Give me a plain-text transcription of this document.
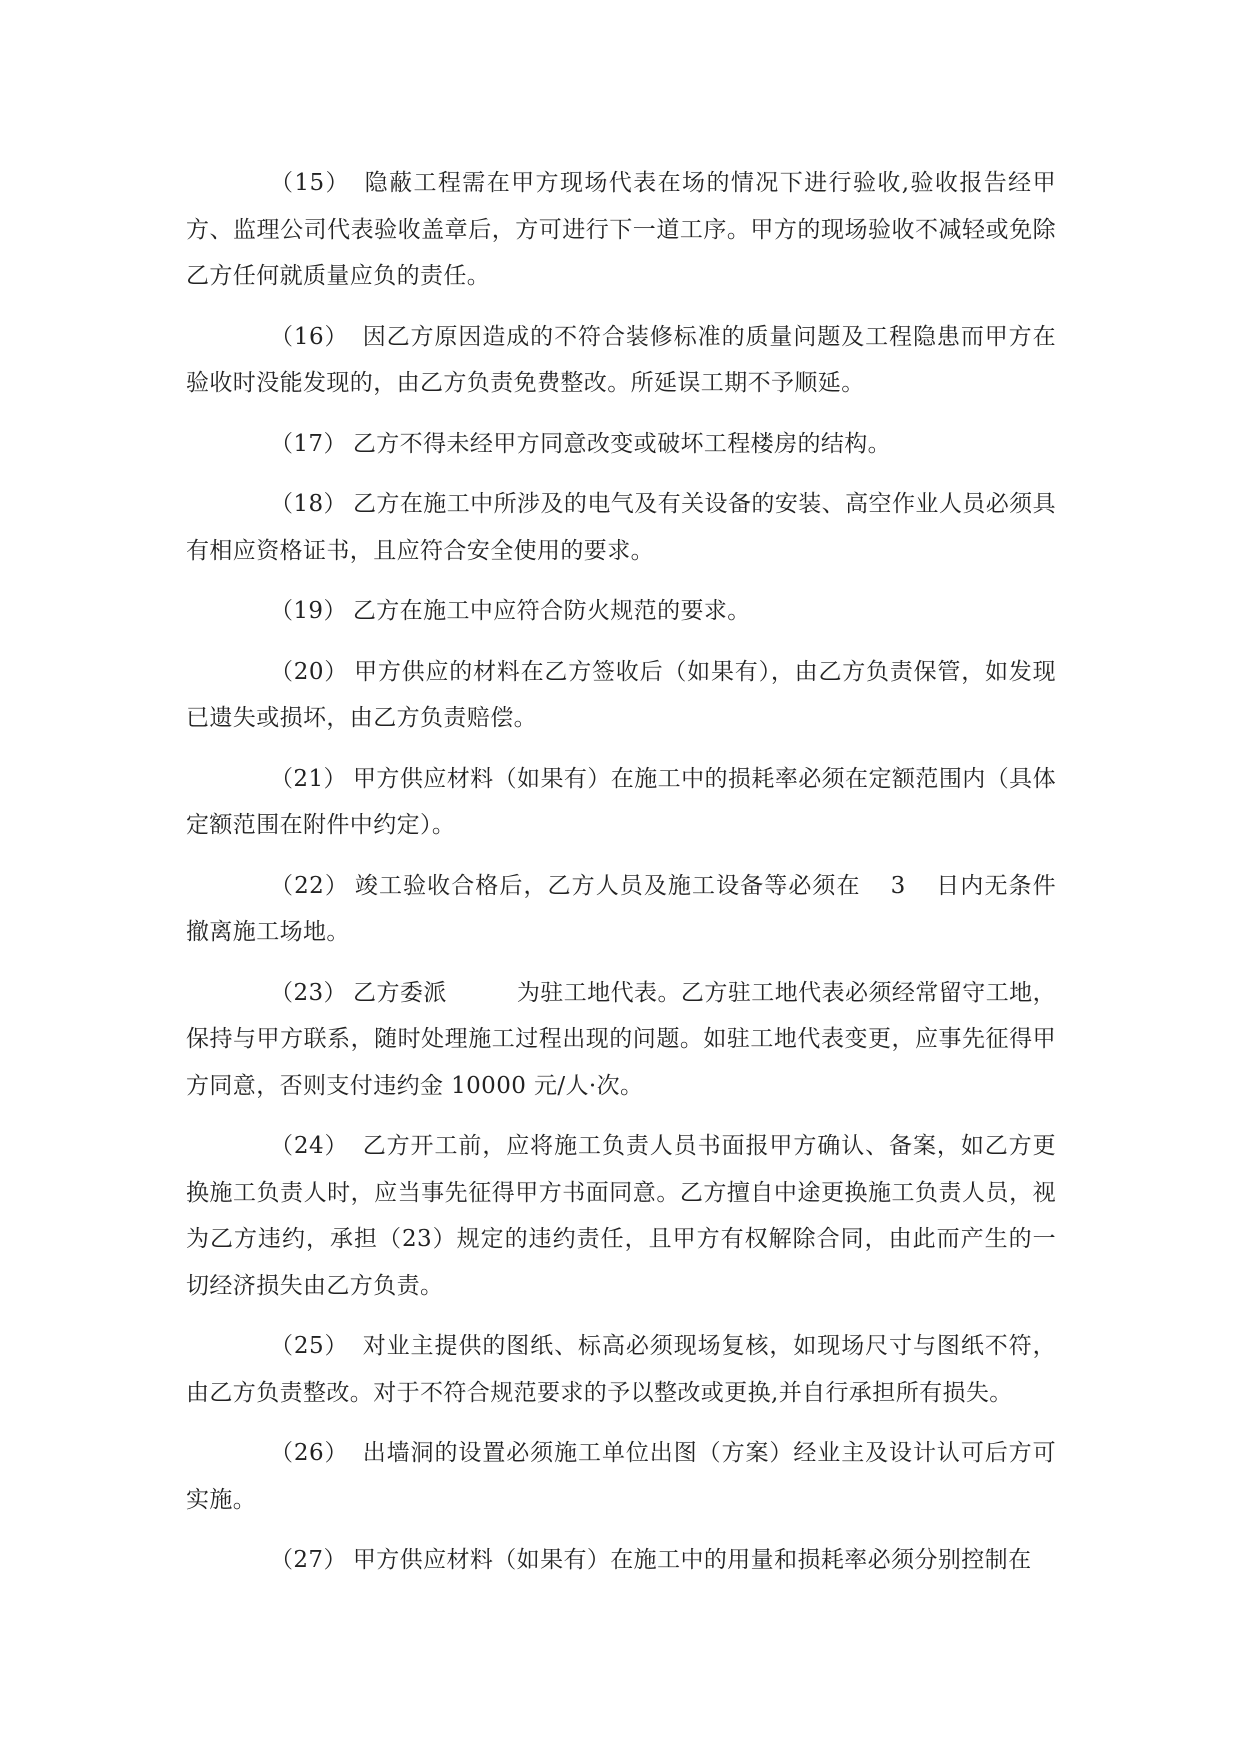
（15） 隐蔽工程需在甲方现场代表在场的情况下进行验收,验收报告经甲方、监理公司代表验收盖章后，方可进行下一道工序。甲方的现场验收不减轻或免除乙方任何就质量应负的责任。

（16） 因乙方原因造成的不符合装修标准的质量问题及工程隐患而甲方在验收时没能发现的，由乙方负责免费整改。所延误工期不予顺延。

（17） 乙方不得未经甲方同意改变或破坏工程楼房的结构。

（18） 乙方在施工中所涉及的电气及有关设备的安装、高空作业人员必须具有相应资格证书，且应符合安全使用的要求。

（19） 乙方在施工中应符合防火规范的要求。

（20） 甲方供应的材料在乙方签收后（如果有），由乙方负责保管，如发现已遗失或损坏，由乙方负责赔偿。

（21） 甲方供应材料（如果有）在施工中的损耗率必须在定额范围内（具体定额范围在附件中约定）。

（22） 竣工验收合格后，乙方人员及施工设备等必须在 3 日内无条件撤离施工场地。

（23） 乙方委派	为驻工地代表。乙方驻工地代表必须经常留守工地，保持与甲方联系，随时处理施工过程出现的问题。如驻工地代表变更，应事先征得甲方同意，否则支付违约金 10000 元/人·次。

（24） 乙方开工前，应将施工负责人员书面报甲方确认、备案，如乙方更换施工负责人时，应当事先征得甲方书面同意。乙方擅自中途更换施工负责人员，视为乙方违约，承担（23）规定的违约责任，且甲方有权解除合同，由此而产生的一切经济损失由乙方负责。

（25） 对业主提供的图纸、标高必须现场复核，如现场尺寸与图纸不符，由乙方负责整改。对于不符合规范要求的予以整改或更换,并自行承担所有损失。

（26） 出墙洞的设置必须施工单位出图（方案）经业主及设计认可后方可实施。

（27） 甲方供应材料（如果有）在施工中的用量和损耗率必须分别控制在
